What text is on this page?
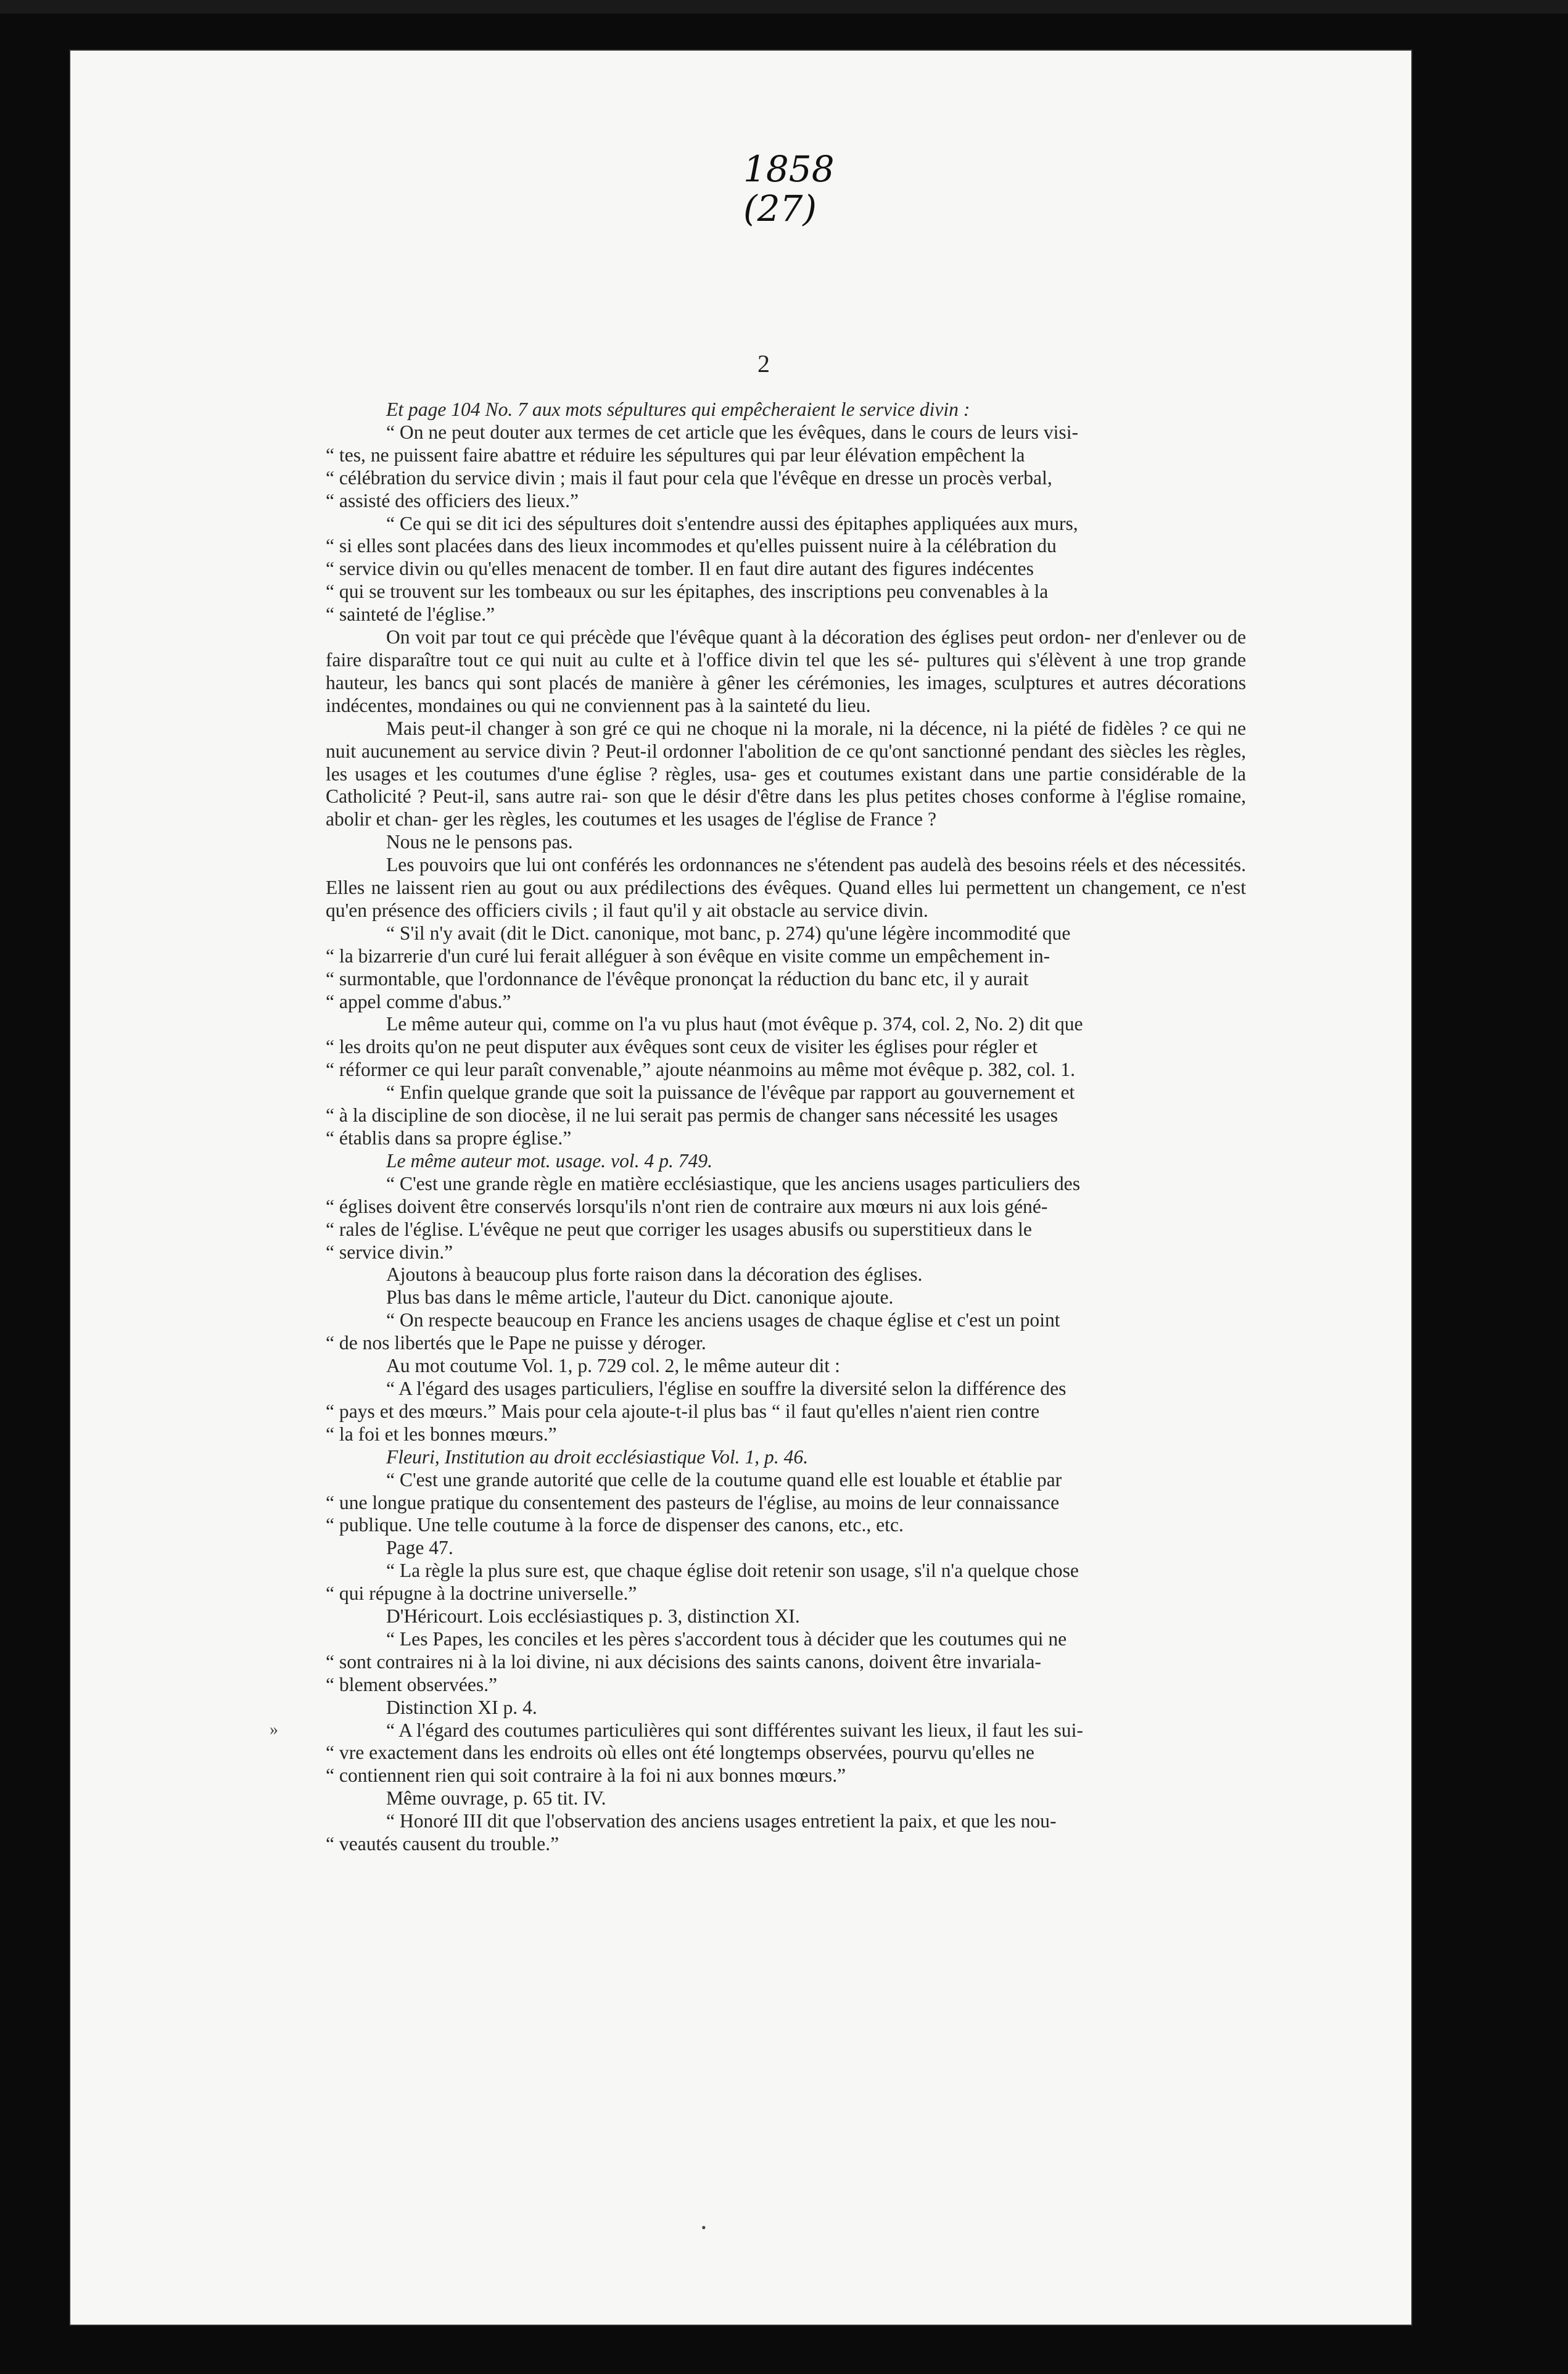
1858
(27)
2

Et page 104 No. 7 aux mots sépultures qui empêcheraient le service divin :

“ On ne peut douter aux termes de cet article que les évêques, dans le cours de leurs visi-

“ tes, ne puissent faire abattre et réduire les sépultures qui par leur élévation empêchent la

“ célébration du service divin ; mais il faut pour cela que l'évêque en dresse un procès verbal,

“ assisté des officiers des lieux.”

“ Ce qui se dit ici des sépultures doit s'entendre aussi des épitaphes appliquées aux murs,

“ si elles sont placées dans des lieux incommodes et qu'elles puissent nuire à la célébration du

“ service divin ou qu'elles menacent de tomber. Il en faut dire autant des figures indécentes

“ qui se trouvent sur les tombeaux ou sur les épitaphes, des inscriptions peu convenables à la

“ sainteté de l'église.”

On voit par tout ce qui précède que l'évêque quant à la décoration des églises peut ordon- ner d'enlever ou de faire disparaître tout ce qui nuit au culte et à l'office divin tel que les sé- pultures qui s'élèvent à une trop grande hauteur, les bancs qui sont placés de manière à gêner les cérémonies, les images, sculptures et autres décorations indécentes, mondaines ou qui ne conviennent pas à la sainteté du lieu.

Mais peut-il changer à son gré ce qui ne choque ni la morale, ni la décence, ni la piété de fidèles ? ce qui ne nuit aucunement au service divin ? Peut-il ordonner l'abolition de ce qu'ont sanctionné pendant des siècles les règles, les usages et les coutumes d'une église ? règles, usa- ges et coutumes existant dans une partie considérable de la Catholicité ? Peut-il, sans autre rai- son que le désir d'être dans les plus petites choses conforme à l'église romaine, abolir et chan- ger les règles, les coutumes et les usages de l'église de France ?

Nous ne le pensons pas.

Les pouvoirs que lui ont conférés les ordonnances ne s'étendent pas audelà des besoins réels et des nécessités. Elles ne laissent rien au gout ou aux prédilections des évêques. Quand elles lui permettent un changement, ce n'est qu'en présence des officiers civils ; il faut qu'il y ait obstacle au service divin.

“ S'il n'y avait (dit le Dict. canonique, mot banc, p. 274) qu'une légère incommodité que

“ la bizarrerie d'un curé lui ferait alléguer à son évêque en visite comme un empêchement in-

“ surmontable, que l'ordonnance de l'évêque prononçat la réduction du banc etc, il y aurait

“ appel comme d'abus.”

Le même auteur qui, comme on l'a vu plus haut (mot évêque p. 374, col. 2, No. 2) dit que

“ les droits qu'on ne peut disputer aux évêques sont ceux de visiter les églises pour régler et

“ réformer ce qui leur paraît convenable,” ajoute néanmoins au même mot évêque p. 382, col. 1.

“ Enfin quelque grande que soit la puissance de l'évêque par rapport au gouvernement et

“ à la discipline de son diocèse, il ne lui serait pas permis de changer sans nécessité les usages

“ établis dans sa propre église.”

Le même auteur mot. usage. vol. 4 p. 749.

“ C'est une grande règle en matière ecclésiastique, que les anciens usages particuliers des

“ églises doivent être conservés lorsqu'ils n'ont rien de contraire aux mœurs ni aux lois géné-

“ rales de l'église. L'évêque ne peut que corriger les usages abusifs ou superstitieux dans le

“ service divin.”

Ajoutons à beaucoup plus forte raison dans la décoration des églises.

Plus bas dans le même article, l'auteur du Dict. canonique ajoute.

“ On respecte beaucoup en France les anciens usages de chaque église et c'est un point

“ de nos libertés que le Pape ne puisse y déroger.

Au mot coutume Vol. 1, p. 729 col. 2, le même auteur dit :

“ A l'égard des usages particuliers, l'église en souffre la diversité selon la différence des

“ pays et des mœurs.” Mais pour cela ajoute-t-il plus bas “ il faut qu'elles n'aient rien contre

“ la foi et les bonnes mœurs.”

Fleuri, Institution au droit ecclésiastique Vol. 1, p. 46.

“ C'est une grande autorité que celle de la coutume quand elle est louable et établie par

“ une longue pratique du consentement des pasteurs de l'église, au moins de leur connaissance

“ publique. Une telle coutume à la force de dispenser des canons, etc., etc.

Page 47.

“ La règle la plus sure est, que chaque église doit retenir son usage, s'il n'a quelque chose

“ qui répugne à la doctrine universelle.”

D'Héricourt. Lois ecclésiastiques p. 3, distinction XI.

“ Les Papes, les conciles et les pères s'accordent tous à décider que les coutumes qui ne

“ sont contraires ni à la loi divine, ni aux décisions des saints canons, doivent être invariala-

“ blement observées.”

Distinction XI p. 4.

“ A l'égard des coutumes particulières qui sont différentes suivant les lieux, il faut les sui-

“ vre exactement dans les endroits où elles ont été longtemps observées, pourvu qu'elles ne

“ contiennent rien qui soit contraire à la foi ni aux bonnes mœurs.”

Même ouvrage, p. 65 tit. IV.

“ Honoré III dit que l'observation des anciens usages entretient la paix, et que les nou-

“ veautés causent du trouble.”

»
•
